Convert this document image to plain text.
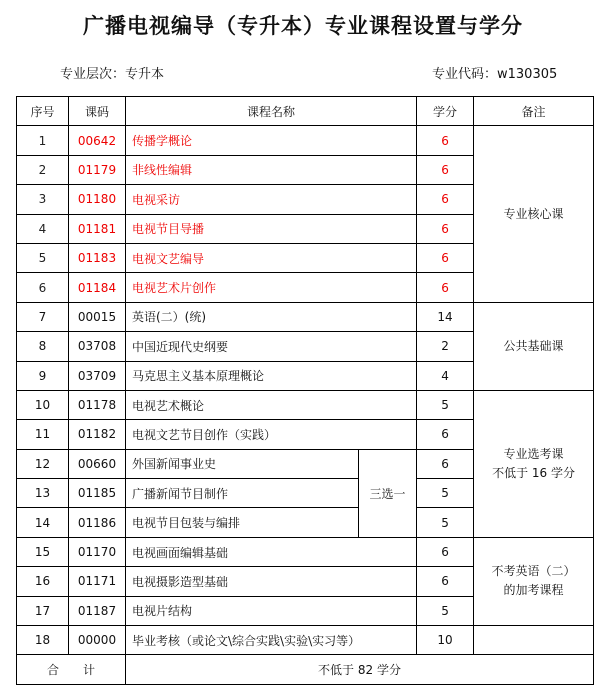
广播电视编导（专升本）专业课程设置与学分
专业层次：专升本	专业代码：w130305
序号	课码	课程名称		学分	备注
1	00642	传播学概论		6	专业核心课
2	01179	非线性编辑		6	
3	01180	电视采访		6	
4	01181	电视节目导播		6	
5	01183	电视文艺编导		6	
6	01184	电视艺术片创作		6	
7	00015	英语(二）(统)		14	公共基础课
8	03708	中国近现代史纲要		2	
9	03709	马克思主义基本原理概论		4	
10	01178	电视艺术概论		5	专业选考课
不低于 16 学分
11	01182	电视文艺节目创作（实践）		6	
12	00660	外国新闻事业史	三选一	6	
13	01185	广播新闻节目制作		5	
14	01186	电视节目包装与编排		5	
15	01170	电视画面编辑基础		6	不考英语（二）
的加考课程
16	01171	电视摄影造型基础		6	
17	01187	电视片结构		5	
18	00000	毕业考核（或论文\综合实践\实验\实习等）		10	
合　　计		不低于 82 学分			
